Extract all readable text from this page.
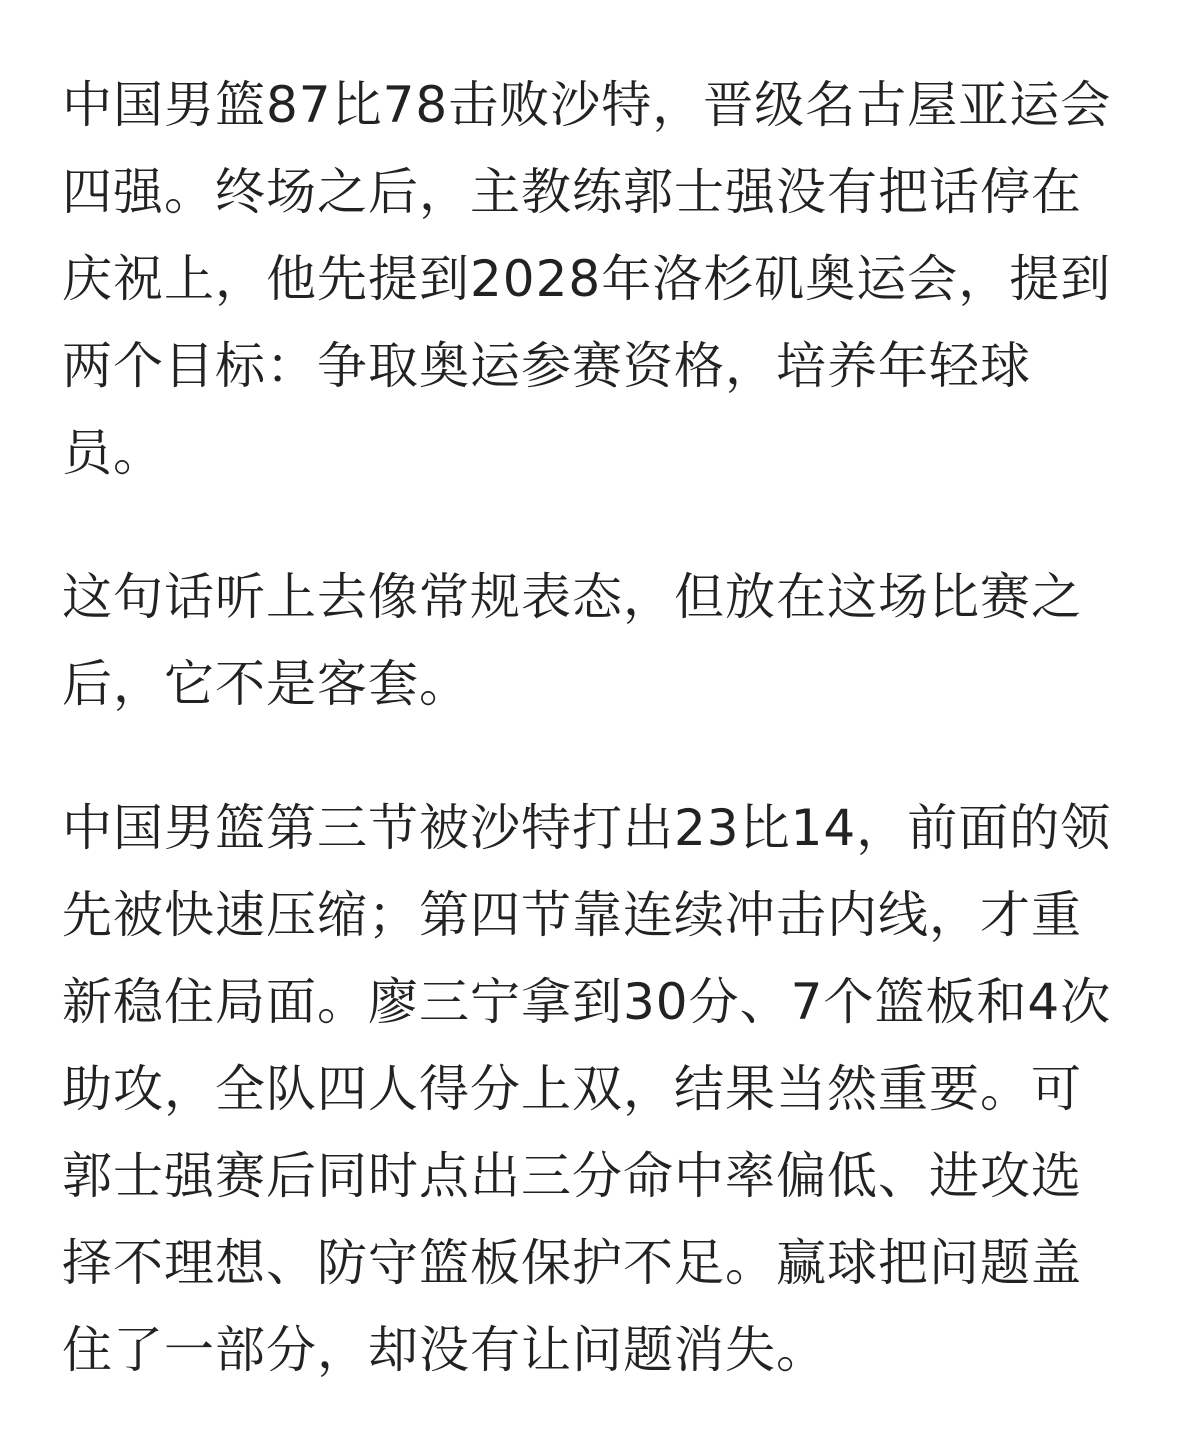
中国男篮87比78击败沙特，晋级名古屋亚运会四强。终场之后，主教练郭士强没有把话停在庆祝上，他先提到2028年洛杉矶奥运会，提到两个目标：争取奥运参赛资格，培养年轻球员。

这句话听上去像常规表态，但放在这场比赛之后，它不是客套。

中国男篮第三节被沙特打出23比14，前面的领先被快速压缩；第四节靠连续冲击内线，才重新稳住局面。廖三宁拿到30分、7个篮板和4次助攻，全队四人得分上双，结果当然重要。可郭士强赛后同时点出三分命中率偏低、进攻选择不理想、防守篮板保护不足。赢球把问题盖住了一部分，却没有让问题消失。
